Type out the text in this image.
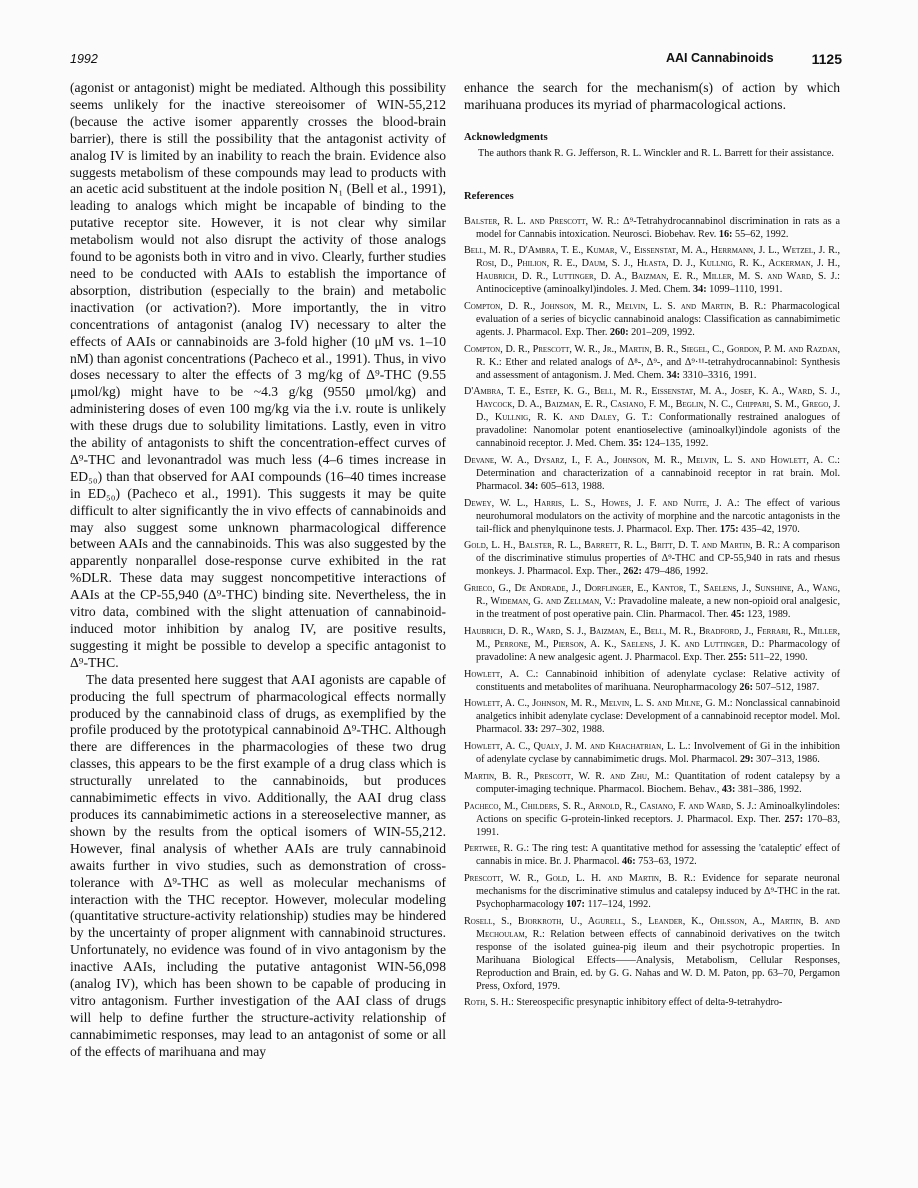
1992	AAI Cannabinoids	1125

(agonist or antagonist) might be mediated. Although this possibility seems unlikely for the inactive stereoisomer of WIN-55,212 (because the active isomer apparently crosses the blood-brain barrier), there is still the possibility that the antagonist activity of analog IV is limited by an inability to reach the brain. Evidence also suggests metabolism of these compounds may lead to products with an acetic acid substituent at the indole position N₁ (Bell et al., 1991), leading to analogs which might be incapable of binding to the putative receptor site. However, it is not clear why similar metabolism would not also disrupt the activity of those analogs found to be agonists both in vitro and in vivo. Clearly, further studies need to be conducted with AAIs to establish the importance of absorption, distribution (especially to the brain) and metabolic inactivation (or activation?). More importantly, the in vitro concentrations of antagonist (analog IV) necessary to alter the effects of AAIs or cannabinoids are 3-fold higher (10 μM vs. 1–10 nM) than agonist concentrations (Pacheco et al., 1991). Thus, in vivo doses necessary to alter the effects of 3 mg/kg of Δ⁹-THC (9.55 μmol/kg) might have to be ~4.3 g/kg (9550 μmol/kg) and administering doses of even 100 mg/kg via the i.v. route is unlikely with these drugs due to solubility limitations. Lastly, even in vitro the ability of antagonists to shift the concentration-effect curves of Δ⁹-THC and levonantradol was much less (4–6 times increase in ED₅₀) than that observed for AAI compounds (16–40 times increase in ED₅₀) (Pacheco et al., 1991). This suggests it may be quite difficult to alter significantly the in vivo effects of cannabinoids and may also suggest some unknown pharmacological difference between AAIs and the cannabinoids. This was also suggested by the apparently nonparallel dose-response curve exhibited in the rat %DLR. These data may suggest noncompetitive interactions of AAIs at the CP-55,940 (Δ⁹-THC) binding site. Nevertheless, the in vitro data, combined with the slight attenuation of cannabinoid-induced motor inhibition by analog IV, are positive results, suggesting it might be possible to develop a specific antagonist to Δ⁹-THC.

The data presented here suggest that AAI agonists are capable of producing the full spectrum of pharmacological effects normally produced by the cannabinoid class of drugs, as exemplified by the profile produced by the prototypical cannabinoid Δ⁹-THC. Although there are differences in the pharmacologies of these two drug classes, this appears to be the first example of a drug class which is structurally unrelated to the cannabinoids, but produces cannabimimetic effects in vivo. Additionally, the AAI drug class produces its cannabimimetic actions in a stereoselective manner, as shown by the results from the optical isomers of WIN-55,212. However, final analysis of whether AAIs are truly cannabinoid awaits further in vivo studies, such as demonstration of cross-tolerance with Δ⁹-THC as well as molecular mechanisms of interaction with the THC receptor. However, molecular modeling (quantitative structure-activity relationship) studies may be hindered by the uncertainty of proper alignment with cannabinoid structures. Unfortunately, no evidence was found of in vivo antagonism by the inactive AAIs, including the putative antagonist WIN-56,098 (analog IV), which has been shown to be capable of producing in vitro antagonism. Further investigation of the AAI class of drugs will help to define further the structure-activity relationship of cannabimimetic responses, may lead to an antagonist of some or all of the effects of marihuana and may

enhance the search for the mechanism(s) of action by which marihuana produces its myriad of pharmacological actions.

Acknowledgments

The authors thank R. G. Jefferson, R. L. Winckler and R. L. Barrett for their assistance.

References

Balster, R. L. and Prescott, W. R.: Δ⁹-Tetrahydrocannabinol discrimination in rats as a model for Cannabis intoxication. Neurosci. Biobehav. Rev. 16: 55–62, 1992.

Bell, M. R., D'Ambra, T. E., Kumar, V., Eissenstat, M. A., Herrmann, J. L., Wetzel, J. R., Rosi, D., Philion, R. E., Daum, S. J., Hlasta, D. J., Kullnig, R. K., Ackerman, J. H., Haubrich, D. R., Luttinger, D. A., Baizman, E. R., Miller, M. S. and Ward, S. J.: Antinociceptive (aminoalkyl)indoles. J. Med. Chem. 34: 1099–1110, 1991.

Compton, D. R., Johnson, M. R., Melvin, L. S. and Martin, B. R.: Pharmacological evaluation of a series of bicyclic cannabinoid analogs: Classification as cannabimimetic agents. J. Pharmacol. Exp. Ther. 260: 201–209, 1992.

Compton, D. R., Prescott, W. R., Jr., Martin, B. R., Siegel, C., Gordon, P. M. and Razdan, R. K.: Ether and related analogs of Δ⁸-, Δ⁹-, and Δ⁹⋅¹¹-tetrahydrocannabinol: Synthesis and assessment of antagonism. J. Med. Chem. 34: 3310–3316, 1991.

D'Ambra, T. E., Estep, K. G., Bell, M. R., Eissenstat, M. A., Josef, K. A., Ward, S. J., Haycock, D. A., Baizman, E. R., Casiano, F. M., Beglin, N. C., Chippari, S. M., Grego, J. D., Kullnig, R. K. and Daley, G. T.: Conformationally restrained analogues of pravadoline: Nanomolar potent enantioselective (aminoalkyl)indole agonists of the cannabinoid receptor. J. Med. Chem. 35: 124–135, 1992.

Devane, W. A., Dysarz, I., F. A., Johnson, M. R., Melvin, L. S. and Howlett, A. C.: Determination and characterization of a cannabinoid receptor in rat brain. Mol. Pharmacol. 34: 605–613, 1988.

Dewey, W. L., Harris, L. S., Howes, J. F. and Nuite, J. A.: The effect of various neurohumoral modulators on the activity of morphine and the narcotic antagonists in the tail-flick and phenylquinone tests. J. Pharmacol. Exp. Ther. 175: 435–42, 1970.

Gold, L. H., Balster, R. L., Barrett, R. L., Britt, D. T. and Martin, B. R.: A comparison of the discriminative stimulus properties of Δ⁹-THC and CP-55,940 in rats and rhesus monkeys. J. Pharmacol. Exp. Ther., 262: 479–486, 1992.

Grieco, G., De Andrade, J., Dorflinger, E., Kantor, T., Saelens, J., Sunshine, A., Wang, R., Wideman, G. and Zellman, V.: Pravadoline maleate, a new non-opioid oral analgesic, in the treatment of post operative pain. Clin. Pharmacol. Ther. 45: 123, 1989.

Haubrich, D. R., Ward, S. J., Baizman, E., Bell, M. R., Bradford, J., Ferrari, R., Miller, M., Perrone, M., Pierson, A. K., Saelens, J. K. and Luttinger, D.: Pharmacology of pravadoline: A new analgesic agent. J. Pharmacol. Exp. Ther. 255: 511–22, 1990.

Howlett, A. C.: Cannabinoid inhibition of adenylate cyclase: Relative activity of constituents and metabolites of marihuana. Neuropharmacology 26: 507–512, 1987.

Howlett, A. C., Johnson, M. R., Melvin, L. S. and Milne, G. M.: Nonclassical cannabinoid analgetics inhibit adenylate cyclase: Development of a cannabinoid receptor model. Mol. Pharmacol. 33: 297–302, 1988.

Howlett, A. C., Qualy, J. M. and Khachatrian, L. L.: Involvement of Gi in the inhibition of adenylate cyclase by cannabimimetic drugs. Mol. Pharmacol. 29: 307–313, 1986.

Martin, B. R., Prescott, W. R. and Zhu, M.: Quantitation of rodent catalepsy by a computer-imaging technique. Pharmacol. Biochem. Behav., 43: 381–386, 1992.

Pacheco, M., Childers, S. R., Arnold, R., Casiano, F. and Ward, S. J.: Aminoalkylindoles: Actions on specific G-protein-linked receptors. J. Pharmacol. Exp. Ther. 257: 170–83, 1991.

Pertwee, R. G.: The ring test: A quantitative method for assessing the 'cataleptic' effect of cannabis in mice. Br. J. Pharmacol. 46: 753–63, 1972.

Prescott, W. R., Gold, L. H. and Martin, B. R.: Evidence for separate neuronal mechanisms for the discriminative stimulus and catalepsy induced by Δ⁹-THC in the rat. Psychopharmacology 107: 117–124, 1992.

Rosell, S., Bjorkroth, U., Agurell, S., Leander, K., Ohlsson, A., Martin, B. and Mechoulam, R.: Relation between effects of cannabinoid derivatives on the twitch response of the isolated guinea-pig ileum and their psychotropic properties. In Marihuana Biological Effects——Analysis, Metabolism, Cellular Responses, Reproduction and Brain, ed. by G. G. Nahas and W. D. M. Paton, pp. 63–70, Pergamon Press, Oxford, 1979.

Roth, S. H.: Stereospecific presynaptic inhibitory effect of delta-9-tetrahydro-
